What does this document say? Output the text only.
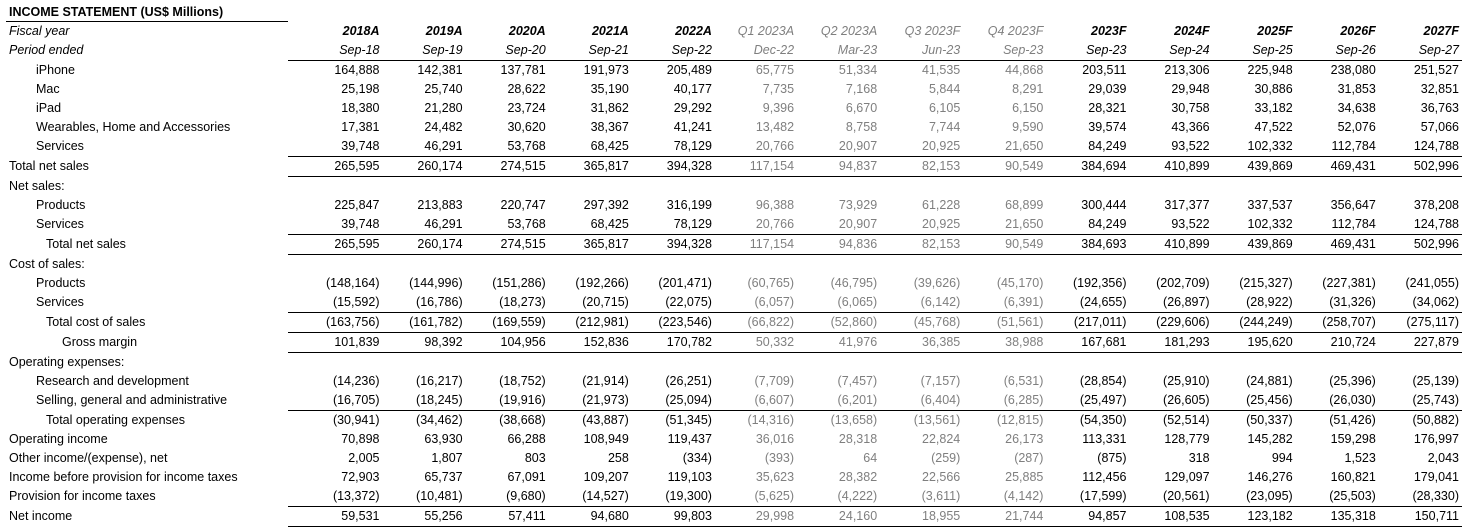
INCOME STATEMENT (US$ Millions)														
Fiscal year	2018A	2019A	2020A	2021A	2022A	Q1 2023A	Q2 2023A	Q3 2023F	Q4 2023F	2023F	2024F	2025F	2026F	2027F
Period ended	Sep-18	Sep-19	Sep-20	Sep-21	Sep-22	Dec-22	Mar-23	Jun-23	Sep-23	Sep-23	Sep-24	Sep-25	Sep-26	Sep-27
iPhone	164,888	142,381	137,781	191,973	205,489	65,775	51,334	41,535	44,868	203,511	213,306	225,948	238,080	251,527
Mac	25,198	25,740	28,622	35,190	40,177	7,735	7,168	5,844	8,291	29,039	29,948	30,886	31,853	32,851
iPad	18,380	21,280	23,724	31,862	29,292	9,396	6,670	6,105	6,150	28,321	30,758	33,182	34,638	36,763
Wearables, Home and Accessories	17,381	24,482	30,620	38,367	41,241	13,482	8,758	7,744	9,590	39,574	43,366	47,522	52,076	57,066
Services	39,748	46,291	53,768	68,425	78,129	20,766	20,907	20,925	21,650	84,249	93,522	102,332	112,784	124,788
Total net sales	265,595	260,174	274,515	365,817	394,328	117,154	94,837	82,153	90,549	384,694	410,899	439,869	469,431	502,996
Net sales:														
Products	225,847	213,883	220,747	297,392	316,199	96,388	73,929	61,228	68,899	300,444	317,377	337,537	356,647	378,208
Services	39,748	46,291	53,768	68,425	78,129	20,766	20,907	20,925	21,650	84,249	93,522	102,332	112,784	124,788
Total net sales	265,595	260,174	274,515	365,817	394,328	117,154	94,836	82,153	90,549	384,693	410,899	439,869	469,431	502,996
Cost of sales:														
Products	(148,164)	(144,996)	(151,286)	(192,266)	(201,471)	(60,765)	(46,795)	(39,626)	(45,170)	(192,356)	(202,709)	(215,327)	(227,381)	(241,055)
Services	(15,592)	(16,786)	(18,273)	(20,715)	(22,075)	(6,057)	(6,065)	(6,142)	(6,391)	(24,655)	(26,897)	(28,922)	(31,326)	(34,062)
Total cost of sales	(163,756)	(161,782)	(169,559)	(212,981)	(223,546)	(66,822)	(52,860)	(45,768)	(51,561)	(217,011)	(229,606)	(244,249)	(258,707)	(275,117)
Gross margin	101,839	98,392	104,956	152,836	170,782	50,332	41,976	36,385	38,988	167,681	181,293	195,620	210,724	227,879
Operating expenses:														
Research and development	(14,236)	(16,217)	(18,752)	(21,914)	(26,251)	(7,709)	(7,457)	(7,157)	(6,531)	(28,854)	(25,910)	(24,881)	(25,396)	(25,139)
Selling, general and administrative	(16,705)	(18,245)	(19,916)	(21,973)	(25,094)	(6,607)	(6,201)	(6,404)	(6,285)	(25,497)	(26,605)	(25,456)	(26,030)	(25,743)
Total operating expenses	(30,941)	(34,462)	(38,668)	(43,887)	(51,345)	(14,316)	(13,658)	(13,561)	(12,815)	(54,350)	(52,514)	(50,337)	(51,426)	(50,882)
Operating income	70,898	63,930	66,288	108,949	119,437	36,016	28,318	22,824	26,173	113,331	128,779	145,282	159,298	176,997
Other income/(expense), net	2,005	1,807	803	258	(334)	(393)	64	(259)	(287)	(875)	318	994	1,523	2,043
Income before provision for income taxes	72,903	65,737	67,091	109,207	119,103	35,623	28,382	22,566	25,885	112,456	129,097	146,276	160,821	179,041
Provision for income taxes	(13,372)	(10,481)	(9,680)	(14,527)	(19,300)	(5,625)	(4,222)	(3,611)	(4,142)	(17,599)	(20,561)	(23,095)	(25,503)	(28,330)
Net income	59,531	55,256	57,411	94,680	99,803	29,998	24,160	18,955	21,744	94,857	108,535	123,182	135,318	150,711
